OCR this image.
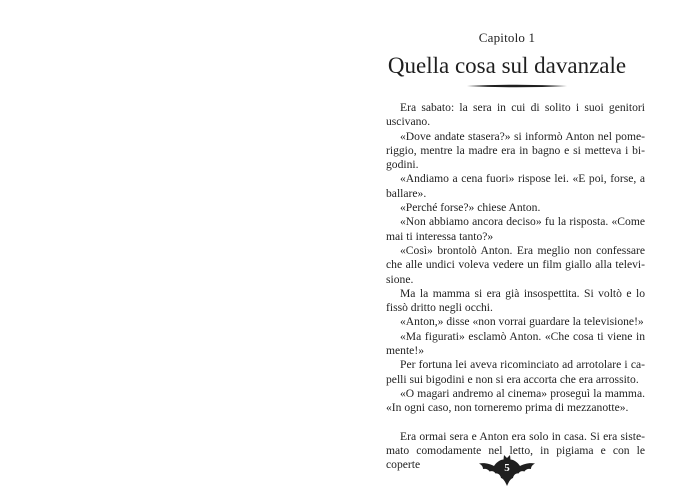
Capitolo 1
Quella cosa sul davanzale

Era sabato: la sera in cui di solito i suoi genitori uscivano.

«Dove andate stasera?» si informò Anton nel pomeriggio, mentre la madre era in bagno e si metteva i bigodini.

«Andiamo a cena fuori» rispose lei. «E poi, forse, a ballare».

«Perché forse?» chiese Anton.

«Non abbiamo ancora deciso» fu la risposta. «Come mai ti interessa tanto?»

«Così» brontolò Anton. Era meglio non confessare che alle undici voleva vedere un film giallo alla televisione.

Ma la mamma si era già insospettita. Si voltò e lo fissò dritto negli occhi.

«Anton,» disse «non vorrai guardare la televisione!»

«Ma figurati» esclamò Anton. «Che cosa ti viene in mente!»

Per fortuna lei aveva ricominciato ad arrotolare i capelli sui bigodini e non si era accorta che era arrossito.

«O magari andremo al cinema» proseguì la mamma. «In ogni caso, non torneremo prima di mezzanotte».

Era ormai sera e Anton era solo in casa. Si era sistemato comodamente nel letto, in pigiama e con le coperte	5
